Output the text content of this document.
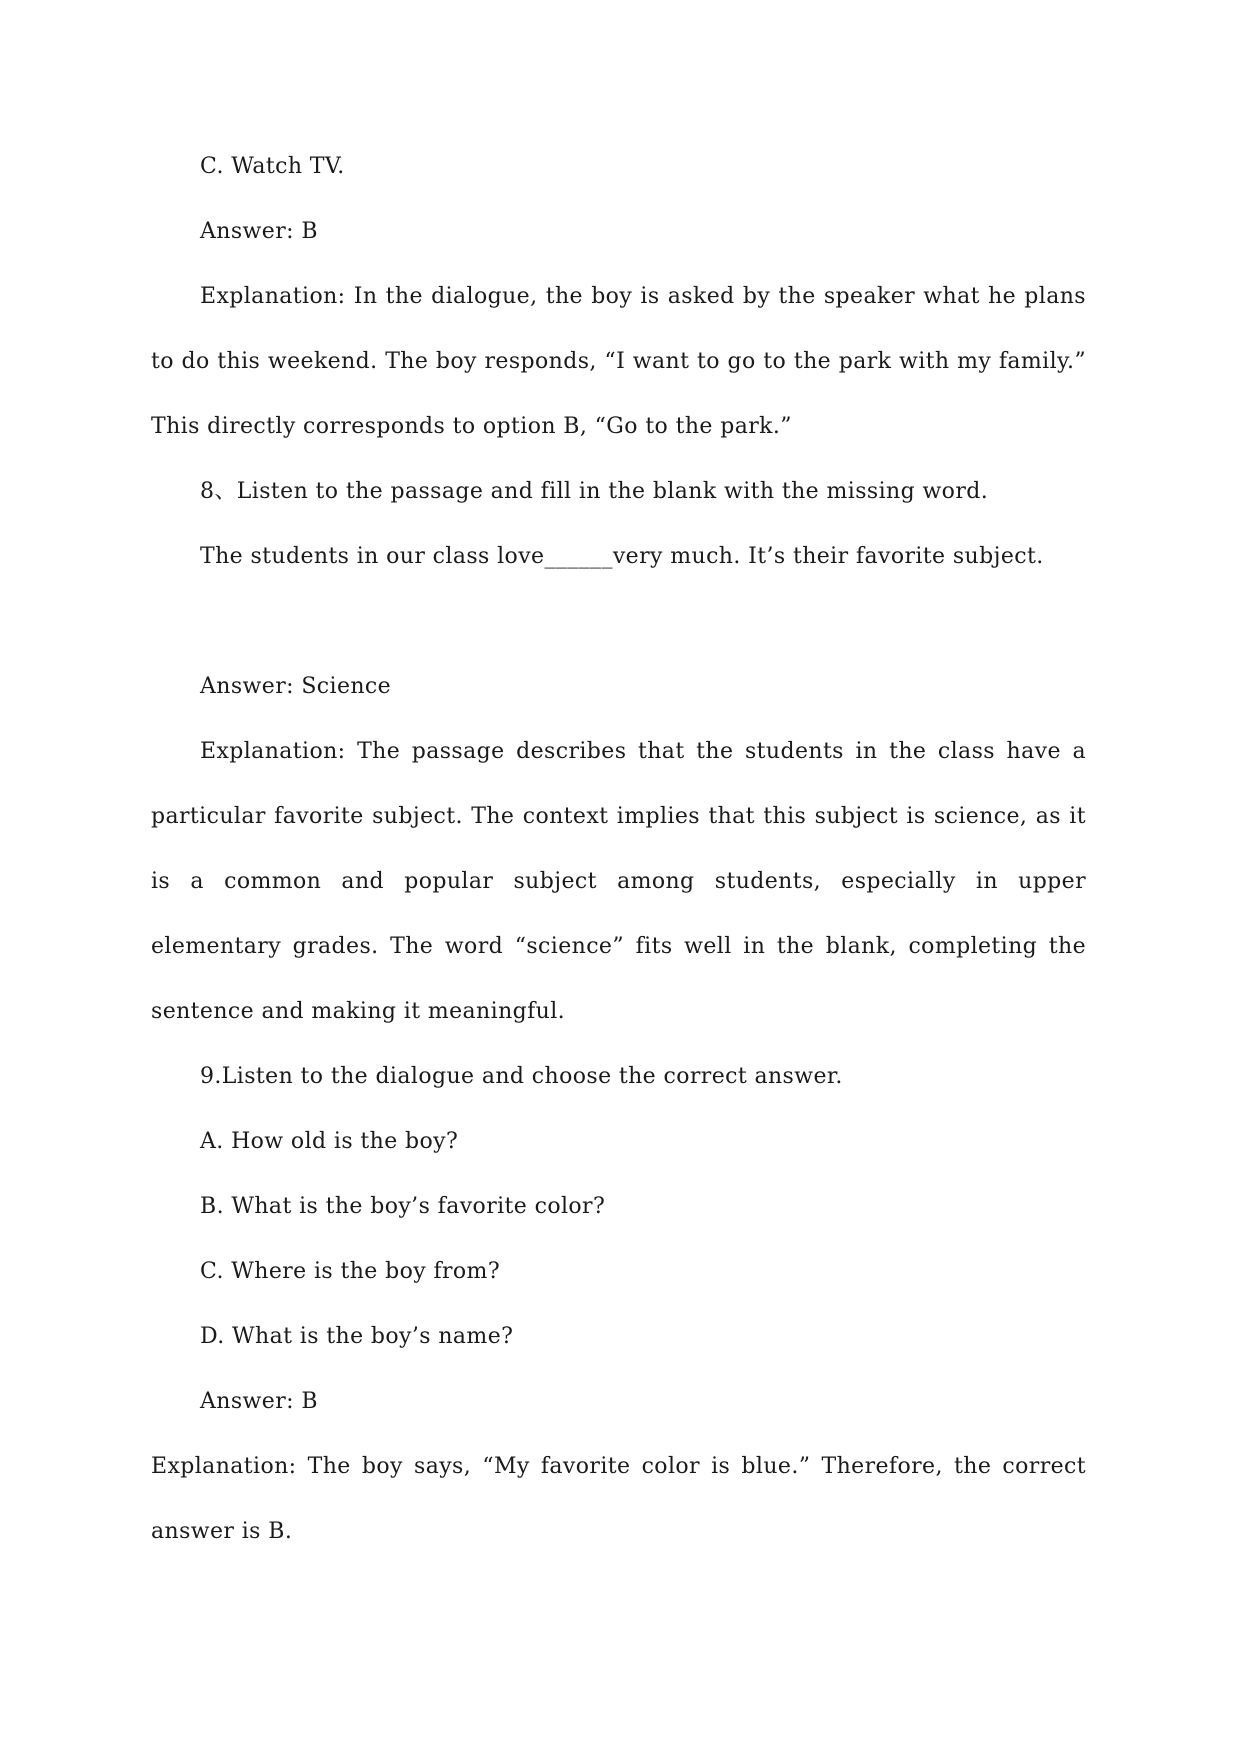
C. Watch TV.

Answer: B

Explanation: In the dialogue, the boy is asked by the speaker what he plans to do this weekend. The boy responds, “I want to go to the park with my family.” This directly corresponds to option B, “Go to the park.”

8、Listen to the passage and fill in the blank with the missing word.

The students in our class love______very much. It’s their favorite subject.

Answer: Science

Explanation: The passage describes that the students in the class have a particular favorite subject. The context implies that this subject is science, as it is a common and popular subject among students, especially in upper elementary grades. The word “science” fits well in the blank, completing the sentence and making it meaningful.

9.Listen to the dialogue and choose the correct answer.

A. How old is the boy?

B. What is the boy’s favorite color?

C. Where is the boy from?

D. What is the boy’s name?

Answer: B

Explanation: The boy says, “My favorite color is blue.” Therefore, the correct answer is B.
